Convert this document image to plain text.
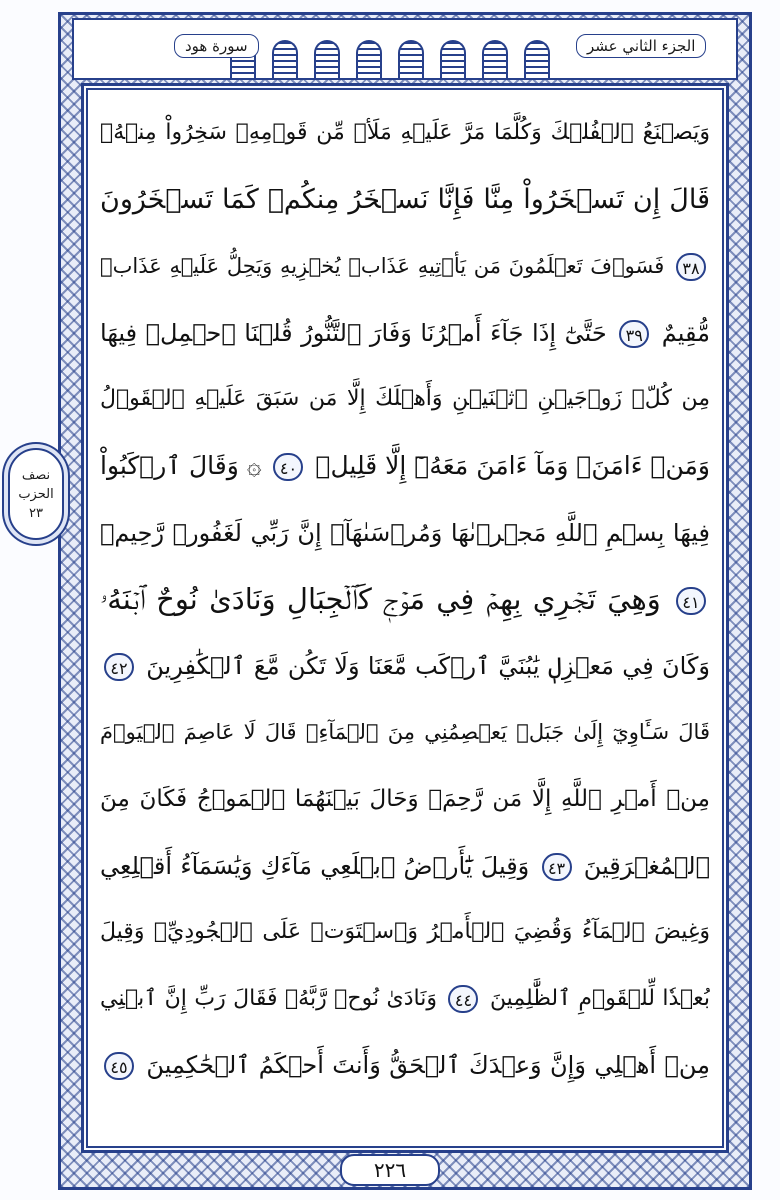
الجزء الثاني عشر
سورة هود
نصف
الحزب
٢٣
وَيَصۡنَعُ ٱلۡفُلۡكَ وَكُلَّمَا مَرَّ عَلَيۡهِ مَلَأٞ مِّن قَوۡمِهِۦ سَخِرُواْ مِنۡهُۚ
قَالَ إِن تَسۡخَرُواْ مِنَّا فَإِنَّا نَسۡخَرُ مِنكُمۡ كَمَا تَسۡخَرُونَ
٣٨ فَسَوۡفَ تَعۡلَمُونَ مَن يَأۡتِيهِ عَذَابٞ يُخۡزِيهِ وَيَحِلُّ عَلَيۡهِ عَذَابٞ
مُّقِيمٌ ٣٩ حَتَّىٰٓ إِذَا جَآءَ أَمۡرُنَا وَفَارَ ٱلتَّنُّورُ قُلۡنَا ٱحۡمِلۡ فِيهَا
مِن كُلّٖ زَوۡجَيۡنِ ٱثۡنَيۡنِ وَأَهۡلَكَ إِلَّا مَن سَبَقَ عَلَيۡهِ ٱلۡقَوۡلُ
وَمَنۡ ءَامَنَۚ وَمَآ ءَامَنَ مَعَهُۥٓ إِلَّا قَلِيلٞ ٤٠ ۞ وَقَالَ ٱرۡكَبُواْ
فِيهَا بِسۡمِ ٱللَّهِ مَجۡرٜىٰهَا وَمُرۡسَىٰهَآۚ إِنَّ رَبِّي لَغَفُورٞ رَّحِيمٞ
٤١ وَهِيَ تَجۡرِي بِهِمۡ فِي مَوۡجٖ كَٱلۡجِبَالِ وَنَادَىٰ نُوحٌ ٱبۡنَهُۥ
وَكَانَ فِي مَعۡزِلٖ يَٰبُنَيَّ ٱرۡكَب مَّعَنَا وَلَا تَكُن مَّعَ ٱلۡكَٰفِرِينَ ٤٢
قَالَ سَـَٔاوِيٓ إِلَىٰ جَبَلٖ يَعۡصِمُنِي مِنَ ٱلۡمَآءِۚ قَالَ لَا عَاصِمَ ٱلۡيَوۡمَ
مِنۡ أَمۡرِ ٱللَّهِ إِلَّا مَن رَّحِمَۚ وَحَالَ بَيۡنَهُمَا ٱلۡمَوۡجُ فَكَانَ مِنَ
ٱلۡمُغۡرَقِينَ ٤٣ وَقِيلَ يَٰٓأَرۡضُ ٱبۡلَعِي مَآءَكِ وَيَٰسَمَآءُ أَقۡلِعِي
وَغِيضَ ٱلۡمَآءُ وَقُضِيَ ٱلۡأَمۡرُ وَٱسۡتَوَتۡ عَلَى ٱلۡجُودِيِّۖ وَقِيلَ
بُعۡدٗا لِّلۡقَوۡمِ ٱلظَّٰلِمِينَ ٤٤ وَنَادَىٰ نُوحٞ رَّبَّهُۥ فَقَالَ رَبِّ إِنَّ ٱبۡنِي
مِنۡ أَهۡلِي وَإِنَّ وَعۡدَكَ ٱلۡحَقُّ وَأَنتَ أَحۡكَمُ ٱلۡحَٰكِمِينَ ٤٥
٢٢٦
